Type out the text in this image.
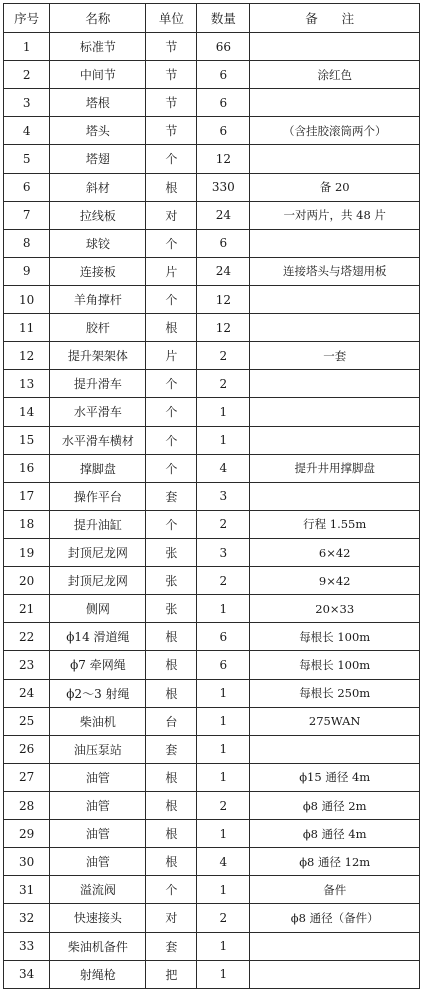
序号	名称	单位	数量	备 注
1	标准节	节	66	
2	中间节	节	6	涂红色
3	塔根	节	6	
4	塔头	节	6	（含挂胶滚筒两个）
5	塔翅	个	12	
6	斜材	根	330	备 20
7	拉线板	对	24	一对两片，共 48 片
8	球铰	个	6	
9	连接板	片	24	连接塔头与塔翅用板
10	羊角撑杆	个	12	
11	胶杆	根	12	
12	提升架架体	片	2	一套
13	提升滑车	个	2	
14	水平滑车	个	1	
15	水平滑车横材	个	1	
16	撑脚盘	个	4	提升井用撑脚盘
17	操作平台	套	3	
18	提升油缸	个	2	行程 1.55m
19	封顶尼龙网	张	3	6×42
20	封顶尼龙网	张	2	9×42
21	侧网	张	1	20×33
22	ϕ14 滑道绳	根	6	每根长 100m
23	ϕ7 牵网绳	根	6	每根长 100m
24	ϕ2～3 射绳	根	1	每根长 250m
25	柴油机	台	1	275WAN
26	油压泵站	套	1	
27	油管	根	1	ϕ15 通径 4m
28	油管	根	2	ϕ8 通径 2m
29	油管	根	1	ϕ8 通径 4m
30	油管	根	4	ϕ8 通径 12m
31	溢流阀	个	1	备件
32	快速接头	对	2	ϕ8 通径（备件）
33	柴油机备件	套	1	
34	射绳枪	把	1	
